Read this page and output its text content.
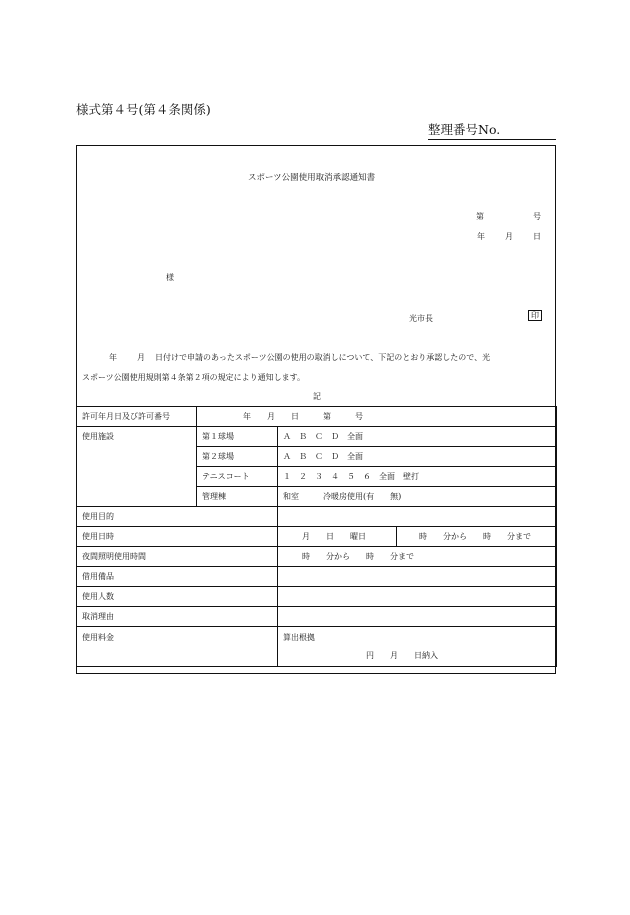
様式第４号(第４条関係)
整理番号No.
スポーツ公園使用取消承認通知書
第	号
年	月	日
様
光市長	印
年	月 日付けで申請のあったスポーツ公園の使用の取消しについて、下記のとおり承認したので、光
スポーツ公園使用規則第４条第２項の規定により通知します。
記
許可年月日及び許可番号	年　　月　　日　　　第　　　号		
使用施設	第１球場	Ａ　Ｂ　Ｃ　Ｄ　全面	
	第２球場	Ａ　Ｂ　Ｃ　Ｄ　全面	
	テニスコート	１　２　３　４　５　６　全面　壁打	
	管理棟	和室　　　冷暖房使用(有　　無)	
使用目的			
使用日時		月　　日　　曜日	時　　分から　　時　　分まで
夜間照明使用時間		時　　分から　　時　　分まで	
借用備品			
使用人数			
取消理由			
使用料金		算出根拠
円　　月　　日納入	
